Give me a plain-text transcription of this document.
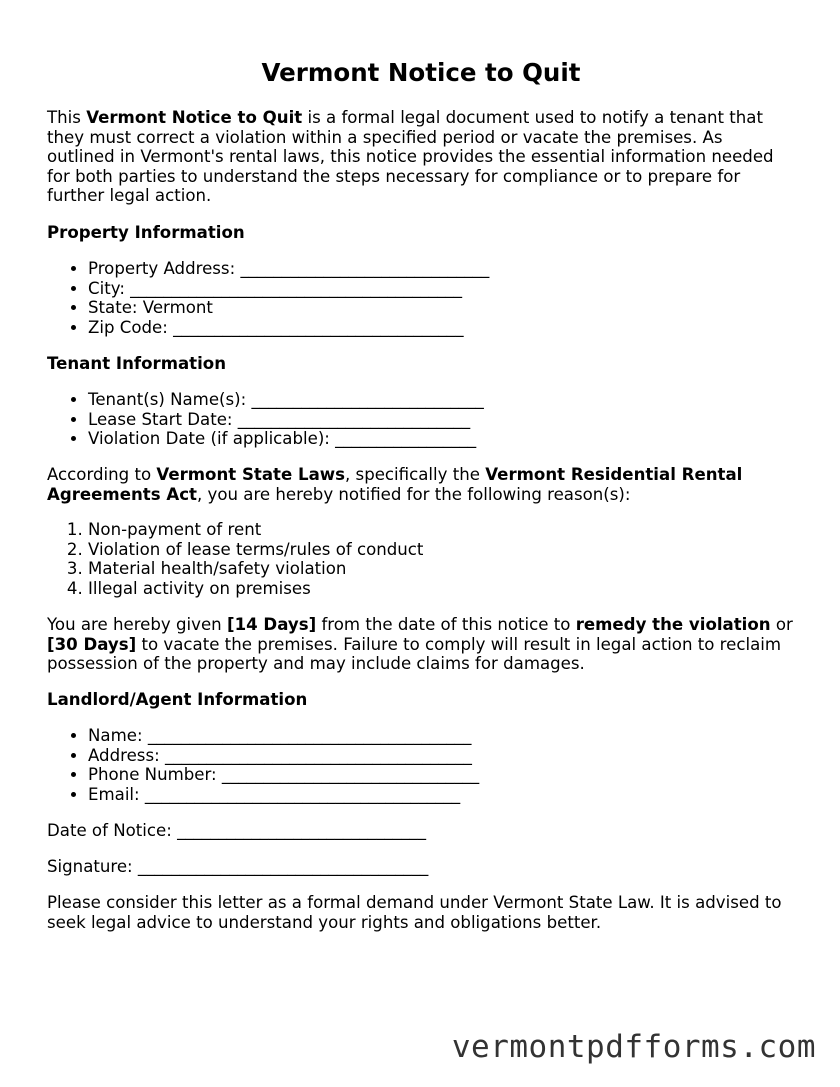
Vermont Notice to Quit

This Vermont Notice to Quit is a formal legal document used to notify a tenant that they must correct a violation within a specified period or vacate the premises. As outlined in Vermont's rental laws, this notice provides the essential information needed for both parties to understand the steps necessary for compliance or to prepare for further legal action.

Property Information
• Property Address: ______________________________
• City: ________________________________________
• State: Vermont
• Zip Code: ___________________________________
Tenant Information
• Tenant(s) Name(s): ____________________________
• Lease Start Date: ____________________________
• Violation Date (if applicable): _________________

According to Vermont State Laws, specifically the Vermont Residential Rental Agreements Act, you are hereby notified for the following reason(s):

1. Non-payment of rent
2. Violation of lease terms/rules of conduct
3. Material health/safety violation
4. Illegal activity on premises

You are hereby given [14 Days] from the date of this notice to remedy the violation or [30 Days] to vacate the premises. Failure to comply will result in legal action to reclaim possession of the property and may include claims for damages.

Landlord/Agent Information
• Name: _______________________________________
• Address: _____________________________________
• Phone Number: _______________________________
• Email: ______________________________________
Date of Notice: ______________________________
Signature: ___________________________________

Please consider this letter as a formal demand under Vermont State Law. It is advised to seek legal advice to understand your rights and obligations better.

vermontpdfforms.com
